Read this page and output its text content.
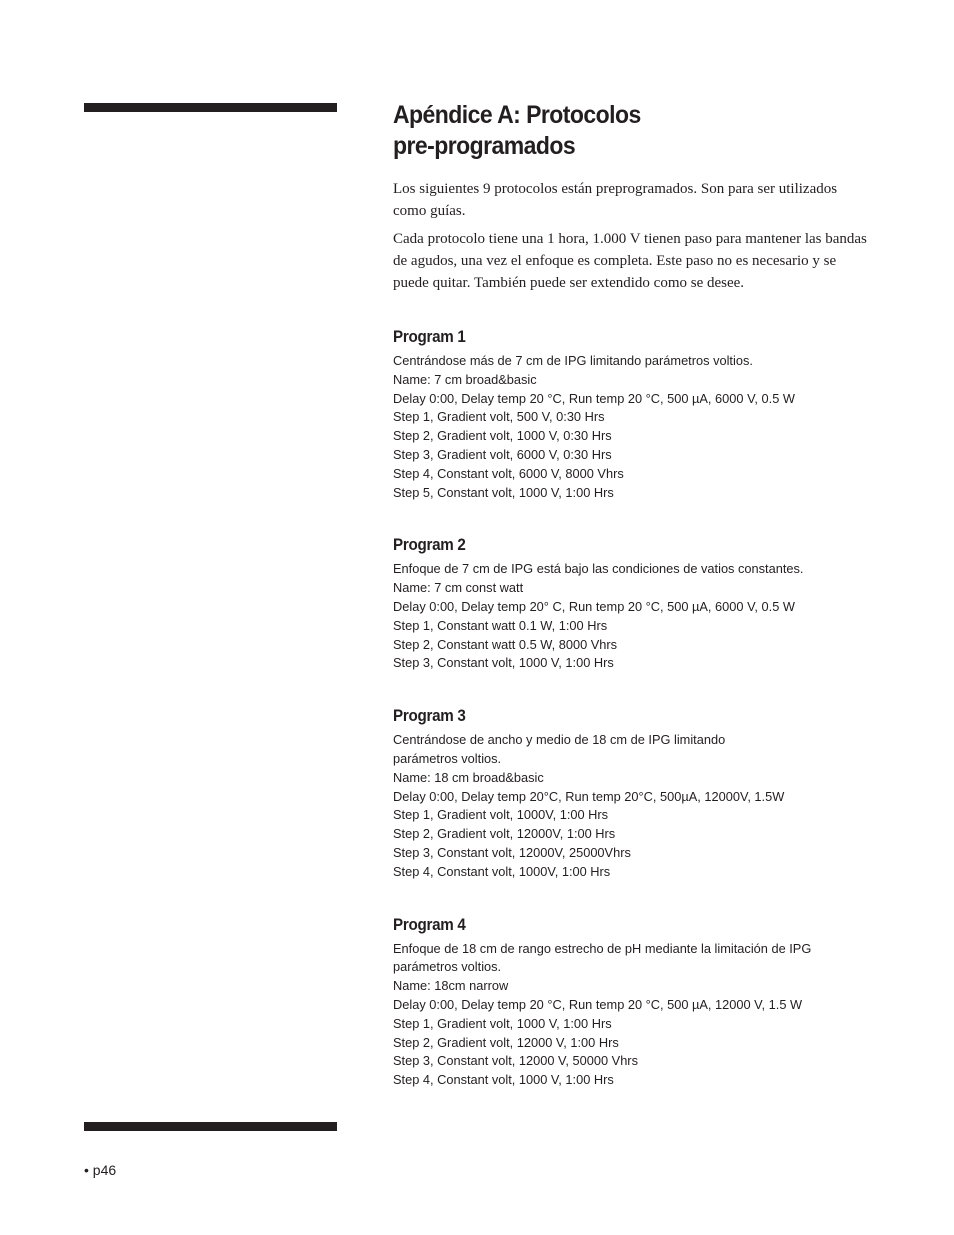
Apéndice A: Protocolos
pre-programados

Los siguientes 9 protocolos están preprogramados. Son para ser utilizados como guías.

Cada protocolo tiene una 1 hora, 1.000 V tienen paso para mantener las bandas de agudos, una vez el enfoque es completa. Este paso no es necesario y se puede quitar. También puede ser extendido como se desee.

Program 1
Centrándose más de 7 cm de IPG limitando parámetros voltios.
Name: 7 cm broad&basic
Delay 0:00, Delay temp 20 °C, Run temp 20 °C, 500 µA, 6000 V, 0.5 W
Step 1, Gradient volt, 500 V, 0:30 Hrs
Step 2, Gradient volt, 1000 V, 0:30 Hrs
Step 3, Gradient volt, 6000 V, 0:30 Hrs
Step 4, Constant volt, 6000 V, 8000 Vhrs
Step 5, Constant volt, 1000 V, 1:00 Hrs
Program 2
Enfoque de 7 cm de IPG está bajo las condiciones de vatios constantes.
Name: 7 cm const watt
Delay 0:00, Delay temp 20° C, Run temp 20 °C, 500 µA, 6000 V, 0.5 W
Step 1, Constant watt 0.1 W, 1:00 Hrs
Step 2, Constant watt 0.5 W, 8000 Vhrs
Step 3, Constant volt, 1000 V, 1:00 Hrs
Program 3
Centrándose de ancho y medio de 18 cm de IPG limitando
parámetros voltios.
Name: 18 cm broad&basic
Delay 0:00, Delay temp 20°C, Run temp 20°C, 500µA, 12000V, 1.5W
Step 1, Gradient volt, 1000V, 1:00 Hrs
Step 2, Gradient volt, 12000V, 1:00 Hrs
Step 3, Constant volt, 12000V, 25000Vhrs
Step 4, Constant volt, 1000V, 1:00 Hrs
Program 4
Enfoque de 18 cm de rango estrecho de pH mediante la limitación de IPG
parámetros voltios.
Name: 18cm narrow
Delay 0:00, Delay temp 20 °C, Run temp 20 °C, 500 µA, 12000 V, 1.5 W
Step 1, Gradient volt, 1000 V, 1:00 Hrs
Step 2, Gradient volt, 12000 V, 1:00 Hrs
Step 3, Constant volt, 12000 V, 50000 Vhrs
Step 4, Constant volt, 1000 V, 1:00 Hrs
• p46
